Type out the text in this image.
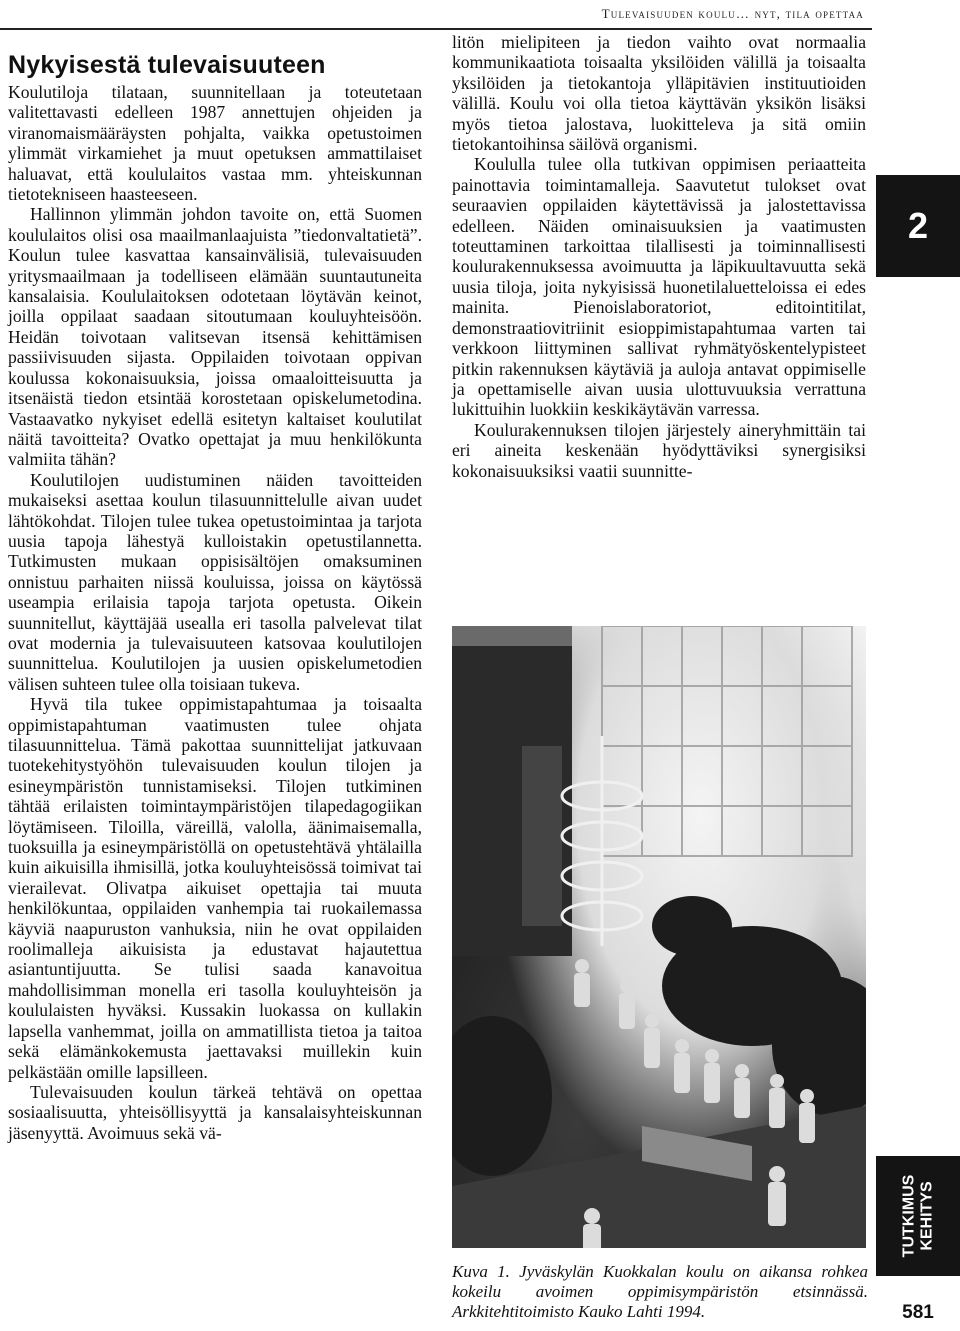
Tulevaisuuden koulu… nyt, tila opettaa
Nykyisestä tulevaisuuteen

Koulutiloja tilataan, suunnitellaan ja toteutetaan valitettavasti edelleen 1987 annettujen ohjeiden ja viranomaismääräysten pohjalta, vaikka opetustoimen ylimmät virkamiehet ja muut opetuksen ammattilaiset haluavat, että koululaitos vastaa mm. yhteiskunnan tietotekniseen haasteeseen.

Hallinnon ylimmän johdon tavoite on, että Suomen koululaitos olisi osa maailmanlaajuista ”tiedonvaltatietä”. Koulun tulee kasvattaa kansainvälisiä, tulevaisuuden yritysmaailmaan ja todelliseen elämään suuntautuneita kansalaisia. Koululaitoksen odotetaan löytävän keinot, joilla oppilaat saadaan sitoutumaan kouluyhteisöön. Heidän toivotaan valitsevan itsensä kehittämisen passiivisuuden sijasta. Oppilaiden toivotaan oppivan koulussa kokonaisuuksia, joissa omaaloitteisuutta ja itsenäistä tiedon etsintää korostetaan opiskelumetodina. Vastaavatko nykyiset edellä esitetyn kaltaiset koulutilat näitä tavoitteita? Ovatko opettajat ja muu henkilökunta valmiita tähän?

Koulutilojen uudistuminen näiden tavoitteiden mukaiseksi asettaa koulun tilasuunnittelulle aivan uudet lähtökohdat. Tilojen tulee tukea opetustoimintaa ja tarjota uusia tapoja lähestyä kulloistakin opetustilannetta. Tutkimusten mukaan oppisisältöjen omaksuminen onnistuu parhaiten niissä kouluissa, joissa on käytössä useampia erilaisia tapoja tarjota opetusta. Oikein suunnitellut, käyttäjää usealla eri tasolla palvelevat tilat ovat modernia ja tulevaisuuteen katsovaa koulutilojen suunnittelua. Koulutilojen ja uusien opiskelumetodien välisen suhteen tulee olla toisiaan tukeva.

Hyvä tila tukee oppimistapahtumaa ja toisaalta oppimistapahtuman vaatimusten tulee ohjata tilasuunnittelua. Tämä pakottaa suunnittelijat jatkuvaan tuotekehitystyöhön tulevaisuuden koulun tilojen ja esineympäristön tunnistamiseksi. Tilojen tutkiminen tähtää erilaisten toimintaympäristöjen tilapedagogiikan löytämiseen. Tiloilla, väreillä, valolla, äänimaisemalla, tuoksuilla ja esineympäristöllä on opetustehtävä yhtälailla kuin aikuisilla ihmisillä, jotka kouluyhteisössä toimivat tai vierailevat. Olivatpa aikuiset opettajia tai muuta henkilökuntaa, oppilaiden vanhempia tai ruokailemassa käyviä naapuruston vanhuksia, niin he ovat oppilaiden roolimalleja aikuisista ja edustavat hajautettua asiantuntijuutta. Se tulisi saada kanavoitua mahdollisimman monella eri tasolla kouluyhteisön ja koululaisten hyväksi. Kussakin luokassa on kullakin lapsella vanhemmat, joilla on ammatillista tietoa ja taitoa sekä elämänkokemusta jaettavaksi muillekin kuin pelkästään omille lapsilleen.

Tulevaisuuden koulun tärkeä tehtävä on opettaa sosiaalisuutta, yhteisöllisyyttä ja kansalaisyhteiskunnan jäsenyyttä. Avoimuus sekä vä-

litön mielipiteen ja tiedon vaihto ovat normaalia kommunikaatiota toisaalta yksilöiden välillä ja toisaalta yksilöiden ja tietokantoja ylläpitävien instituutioiden välillä. Koulu voi olla tietoa käyttävän yksikön lisäksi myös tietoa jalostava, luokitteleva ja sitä omiin tietokantoihinsa säilövä organismi.

Koululla tulee olla tutkivan oppimisen periaatteita painottavia toimintamalleja. Saavutetut tulokset ovat seuraavien oppilaiden käytettävissä ja jalostettavissa edelleen. Näiden ominaisuuksien ja vaatimusten toteuttaminen tarkoittaa tilallisesti ja toiminnallisesti koulurakennuksessa avoimuutta ja läpikuultavuutta sekä uusia tiloja, joita nykyisissä huonetilaluetteloissa ei edes mainita. Pienoislaboratoriot, editointitilat, demonstraatiovitriinit esioppimistapahtumaa varten tai verkkoon liittyminen sallivat ryhmätyöskentelypisteet pitkin rakennuksen käytäviä ja auloja antavat oppimiselle ja opettamiselle aivan uusia ulottuvuuksia verrattuna lukittuihin luokkiin keskikäytävän varressa.

Koulurakennuksen tilojen järjestely aineryhmittäin tai eri aineita keskenään hyödyttäviksi synergisiksi kokonaisuuksiksi vaatii suunnitte-

Kuva 1. Jyväskylän Kuokkalan koulu on aikansa rohkea kokeilu avoimen oppimisympäristön etsinnässä. Arkkitehtitoimisto Kauko Lahti 1994.
2
TUTKIMUS KEHITYS
581
